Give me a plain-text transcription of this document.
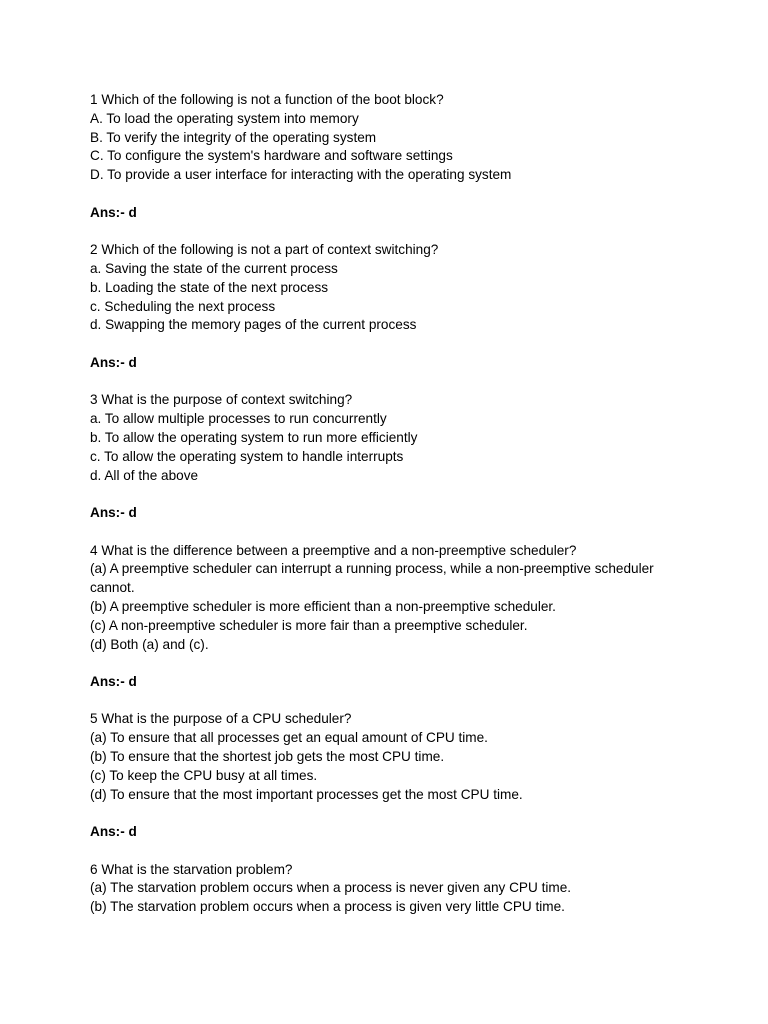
1 Which of the following is not a function of the boot block?
A. To load the operating system into memory
B. To verify the integrity of the operating system
C. To configure the system's hardware and software settings
D. To provide a user interface for interacting with the operating system
Ans:- d
2 Which of the following is not a part of context switching?
a. Saving the state of the current process
b. Loading the state of the next process
c. Scheduling the next process
d. Swapping the memory pages of the current process
Ans:- d
3 What is the purpose of context switching?
a. To allow multiple processes to run concurrently
b. To allow the operating system to run more efficiently
c. To allow the operating system to handle interrupts
d. All of the above
Ans:- d
4 What is the difference between a preemptive and a non-preemptive scheduler?
(a) A preemptive scheduler can interrupt a running process, while a non-preemptive scheduler cannot.
(b) A preemptive scheduler is more efficient than a non-preemptive scheduler.
(c) A non-preemptive scheduler is more fair than a preemptive scheduler.
(d) Both (a) and (c).
Ans:- d
5 What is the purpose of a CPU scheduler?
(a) To ensure that all processes get an equal amount of CPU time.
(b) To ensure that the shortest job gets the most CPU time.
(c) To keep the CPU busy at all times.
(d) To ensure that the most important processes get the most CPU time.
Ans:- d
6 What is the starvation problem?
(a) The starvation problem occurs when a process is never given any CPU time.
(b) The starvation problem occurs when a process is given very little CPU time.
